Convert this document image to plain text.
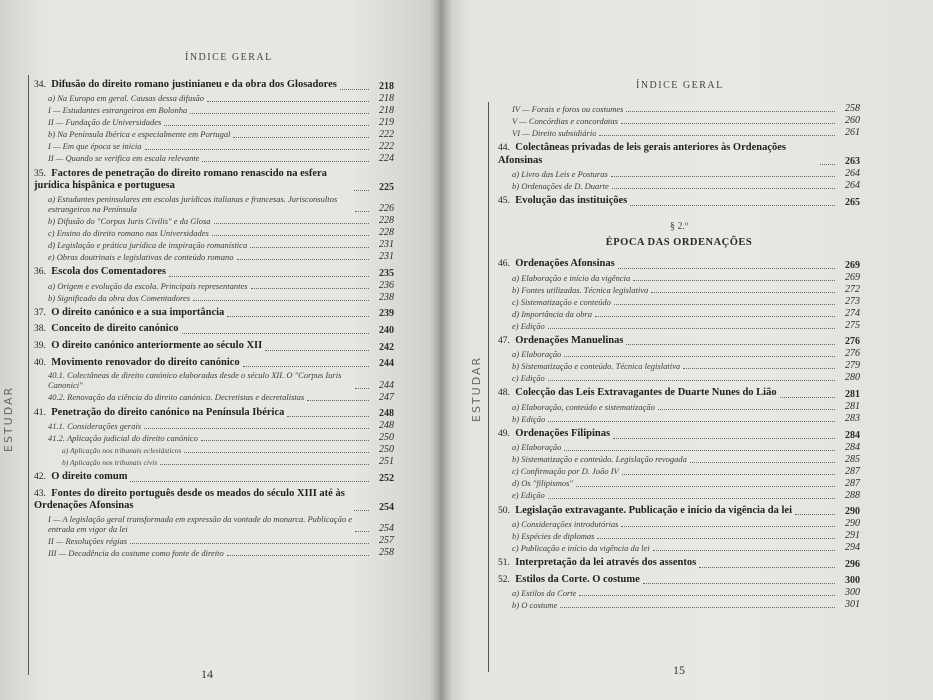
ÍNDICE GERAL
ESTUDAR
34. Difusão do direito romano justinianeu e da obra dos Glosadores	218
a) Na Europa em geral. Causas dessa difusão	218
I — Estudantes estrangeiros em Bolonha	218
II — Fundação de Universidades	219
b) Na Península Ibérica e especialmente em Portugal	222
I — Em que época se inicia	222
II — Quando se verifica em escala relevante	224
35. Factores de penetração do direito romano renascido na esfera jurídica hispânica e portuguesa	225
a) Estudantes peninsulares em escolas jurídicas italianas e francesas. Jurisconsultos estrangeiros na Península	226
b) Difusão do "Corpus Iuris Civilis" e da Glosa	228
c) Ensino do direito romano nas Universidades	228
d) Legislação e prática jurídica de inspiração romanística	231
e) Obras doutrinais e legislativas de conteúdo romano	231
36. Escola dos Comentadores	235
a) Origem e evolução da escola. Principais representantes	236
b) Significado da obra dos Comentadores	238
37. O direito canónico e a sua importância	239
38. Conceito de direito canónico	240
39. O direito canónico anteriormente ao século XII	242
40. Movimento renovador do direito canónico	244
40.1. Colectâneas de direito canónico elaboradas desde o século XII. O "Corpus Iuris Canonici"	244
40.2. Renovação da ciência do direito canónico. Decretistas e decretalistas	247
41. Penetração do direito canónico na Península Ibérica	248
41.1. Considerações gerais	248
41.2. Aplicação judicial do direito canónico	250
a) Aplicação nos tribunais eclesiásticos	250
b) Aplicação nos tribunais civis	251
42. O direito comum	252
43. Fontes do direito português desde os meados do século XIII até às Ordenações Afonsinas	254
I — A legislação geral transformada em expressão da vontade do monarca. Publicação e entrada em vigor da lei	254
II — Resoluções régias	257
III — Decadência do costume como fonte de direito	258
14
ÍNDICE GERAL
ESTUDAR
IV — Forais e foros ou costumes	258
V — Concórdias e concordatas	260
VI — Direito subsidiário	261
44. Colectâneas privadas de leis gerais anteriores às Ordenações Afonsinas	263
a) Livro das Leis e Posturas	264
b) Ordenações de D. Duarte	264
45. Evolução das instituições	265
§ 2.º
ÉPOCA DAS ORDENAÇÕES
46. Ordenações Afonsinas	269
a) Elaboração e início da vigência	269
b) Fontes utilizadas. Técnica legislativa	272
c) Sistematização e conteúdo	273
d) Importância da obra	274
e) Edição	275
47. Ordenações Manuelinas	276
a) Elaboração	276
b) Sistematização e conteúdo. Técnica legislativa	279
c) Edição	280
48. Colecção das Leis Extravagantes de Duarte Nunes do Lião	281
a) Elaboração, conteúdo e sistematização	281
b) Edição	283
49. Ordenações Filipinas	284
a) Elaboração	284
b) Sistematização e conteúdo. Legislação revogada	285
c) Confirmação por D. João IV	287
d) Os "filipismos"	287
e) Edição	288
50. Legislação extravagante. Publicação e início da vigência da lei	290
a) Considerações introdutórias	290
b) Espécies de diplomas	291
c) Publicação e início da vigência da lei	294
51. Interpretação da lei através dos assentos	296
52. Estilos da Corte. O costume	300
a) Estilos da Corte	300
b) O costume	301
15
